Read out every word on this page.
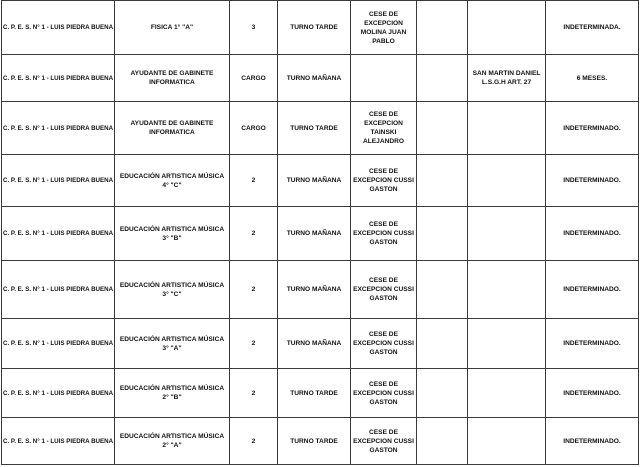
C. P. E. S. N° 1 - LUIS PIEDRA BUENA	FISICA 1° "A"	3	TURNO TARDE	CESE DE EXCEPCION MOLINA JUAN PABLO			INDETERMINADA.
C. P. E. S. N° 1 - LUIS PIEDRA BUENA	AYUDANTE DE GABINETE INFORMATICA	CARGO	TURNO MAÑANA			SAN MARTIN DANIEL L.S.G.H ART. 27	6 MESES.
C. P. E. S. N° 1 - LUIS PIEDRA BUENA	AYUDANTE DE GABINETE INFORMATICA	CARGO	TURNO TARDE	CESE DE EXCEPCION TAINSKI ALEJANDRO			INDETERMINADO.
C. P. E. S. N° 1 - LUIS PIEDRA BUENA	EDUCACIÓN ARTISTICA MÚSICA 4° "C"	2	TURNO MAÑANA	CESE DE EXCEPCION CUSSI GASTON			INDETERMINADO.
C. P. E. S. N° 1 - LUIS PIEDRA BUENA	EDUCACIÓN ARTISTICA MÚSICA 3° "B"	2	TURNO MAÑANA	CESE DE EXCEPCION CUSSI GASTON			INDETERMINADO.
C. P. E. S. N° 1 - LUIS PIEDRA BUENA	EDUCACIÓN ARTISTICA MÚSICA 3° "C"	2	TURNO MAÑANA	CESE DE EXCEPCION CUSSI GASTON			INDETERMINADO.
C. P. E. S. N° 1 - LUIS PIEDRA BUENA	EDUCACIÓN ARTISTICA MÚSICA 3° "A"	2	TURNO MAÑANA	CESE DE EXCEPCION CUSSI GASTON			INDETERMINADO.
C. P. E. S. N° 1 - LUIS PIEDRA BUENA	EDUCACIÓN ARTISTICA MÚSICA 2° "B"	2	TURNO TARDE	CESE DE EXCEPCION CUSSI GASTON			INDETERMINADO.
C. P. E. S. N° 1 - LUIS PIEDRA BUENA	EDUCACIÓN ARTISTICA MÚSICA 2° "A"	2	TURNO TARDE	CESE DE EXCEPCION CUSSI GASTON			INDETERMINADO.
